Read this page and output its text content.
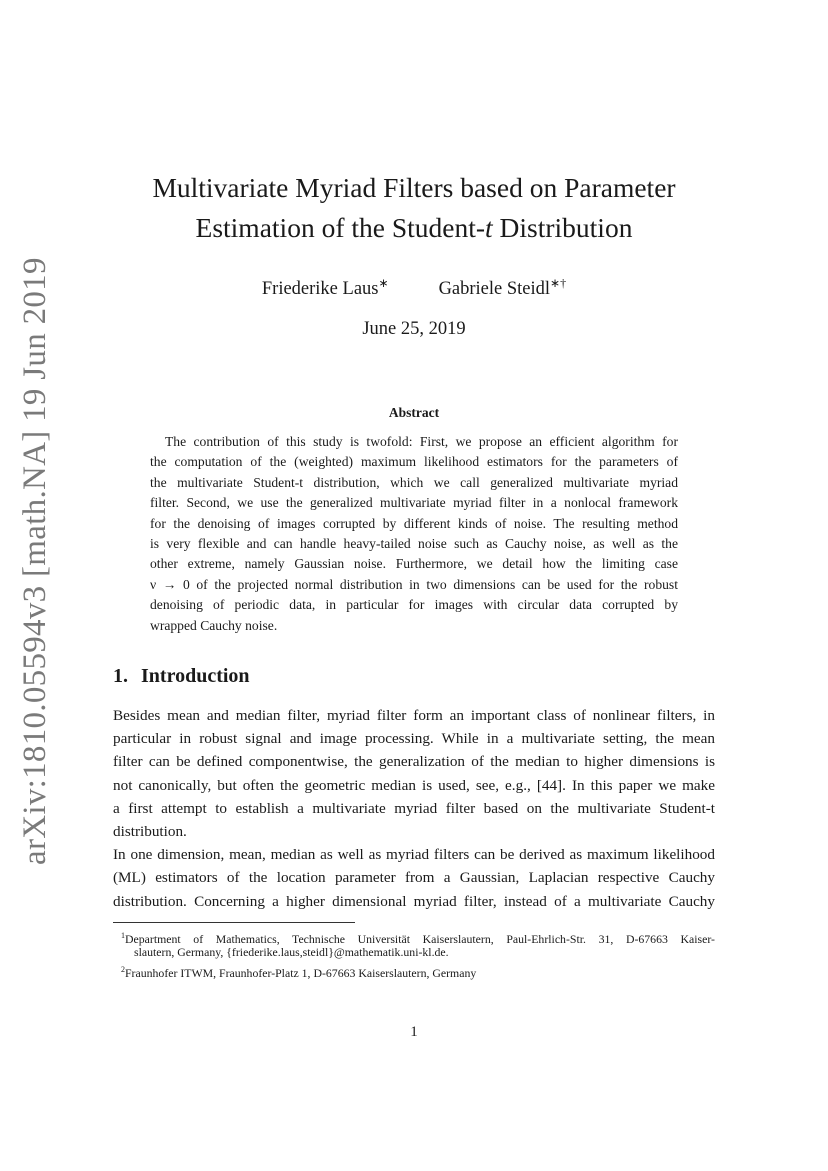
arXiv:1810.05594v3 [math.NA] 19 Jun 2019
Multivariate Myriad Filters based on Parameter
Estimation of the Student-t Distribution
Friederike Laus∗	Gabriele Steidl∗†
June 25, 2019
Abstract
The contribution of this study is twofold: First, we propose an efficient algorithm for
the computation of the (weighted) maximum likelihood estimators for the parameters of
the multivariate Student-t distribution, which we call generalized multivariate myriad
filter. Second, we use the generalized multivariate myriad filter in a nonlocal framework
for the denoising of images corrupted by different kinds of noise. The resulting method
is very flexible and can handle heavy-tailed noise such as Cauchy noise, as well as the
other extreme, namely Gaussian noise. Furthermore, we detail how the limiting case
ν → 0 of the projected normal distribution in two dimensions can be used for the robust
denoising of periodic data, in particular for images with circular data corrupted by
wrapped Cauchy noise.
1. Introduction
Besides mean and median filter, myriad filter form an important class of nonlinear filters, in
particular in robust signal and image processing. While in a multivariate setting, the mean
filter can be defined componentwise, the generalization of the median to higher dimensions is
not canonically, but often the geometric median is used, see, e.g., [44]. In this paper we make
a first attempt to establish a multivariate myriad filter based on the multivariate Student-t
distribution.
In one dimension, mean, median as well as myriad filters can be derived as maximum likelihood
(ML) estimators of the location parameter from a Gaussian, Laplacian respective Cauchy
distribution. Concerning a higher dimensional myriad filter, instead of a multivariate Cauchy
$^1$Department of Mathematics, Technische Universität Kaiserslautern, Paul-Ehrlich-Str. 31, D-67663 Kaiser-
slautern, Germany, {friederike.laus,steidl}@mathematik.uni-kl.de.
$^2$Fraunhofer ITWM, Fraunhofer-Platz 1, D-67663 Kaiserslautern, Germany
1
